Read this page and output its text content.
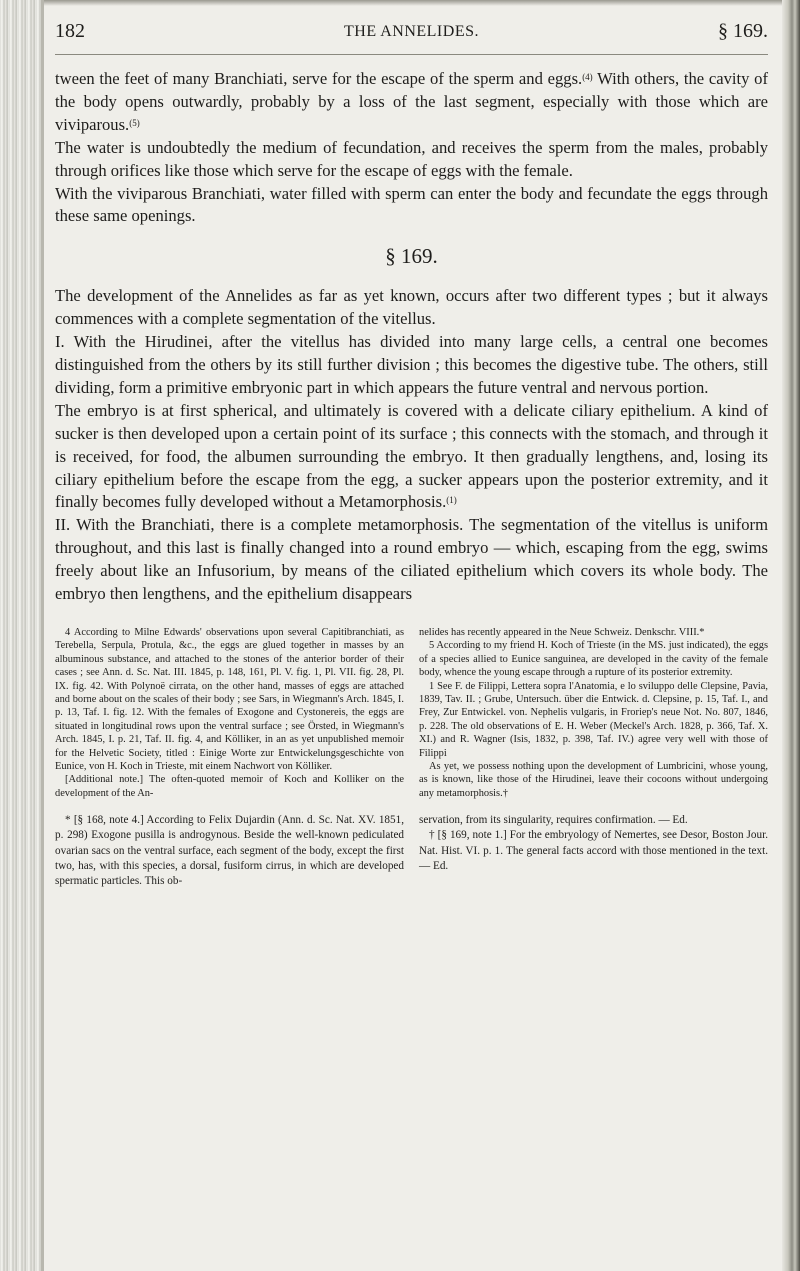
182	THE ANNELIDES.	§ 169.

tween the feet of many Branchiati, serve for the escape of the sperm and eggs.$^{(4)}$ With others, the cavity of the body opens outwardly, probably by a loss of the last segment, especially with those which are viviparous.$^{(5)}$

The water is undoubtedly the medium of fecundation, and receives the sperm from the males, probably through orifices like those which serve for the escape of eggs with the female.

With the viviparous Branchiati, water filled with sperm can enter the body and fecundate the eggs through these same openings.

§ 169.

The development of the Annelides as far as yet known, occurs after two different types ; but it always commences with a complete segmentation of the vitellus.

I. With the Hirudinei, after the vitellus has divided into many large cells, a central one becomes distinguished from the others by its still further division ; this becomes the digestive tube. The others, still dividing, form a primitive embryonic part in which appears the future ventral and nervous portion.

The embryo is at first spherical, and ultimately is covered with a delicate ciliary epithelium. A kind of sucker is then developed upon a certain point of its surface ; this connects with the stomach, and through it is received, for food, the albumen surrounding the embryo. It then gradually lengthens, and, losing its ciliary epithelium before the escape from the egg, a sucker appears upon the posterior extremity, and it finally becomes fully developed without a Metamorphosis.$^{(1)}$

II. With the Branchiati, there is a complete metamorphosis. The segmentation of the vitellus is uniform throughout, and this last is finally changed into a round embryo — which, escaping from the egg, swims freely about like an Infusorium, by means of the ciliated epithelium which covers its whole body. The embryo then lengthens, and the epithelium disappears

4 According to Milne Edwards' observations upon several Capitibranchiati, as Terebella, Serpula, Protula, &c., the eggs are glued together in masses by an albuminous substance, and attached to the stones of the anterior border of their cases ; see Ann. d. Sc. Nat. III. 1845, p. 148, 161, Pl. V. fig. 1, Pl. VII. fig. 28, Pl. IX. fig. 42. With Polynoë cirrata, on the other hand, masses of eggs are attached and borne about on the scales of their body ; see Sars, in Wiegmann's Arch. 1845, I. p. 13, Taf. I. fig. 12. With the females of Exogone and Cystonereis, the eggs are situated in longitudinal rows upon the ventral surface ; see Örsted, in Wiegmann's Arch. 1845, I. p. 21, Taf. II. fig. 4, and Kölliker, in an as yet unpublished memoir for the Helvetic Society, titled : Einige Worte zur Entwickelungsgeschichte von Eunice, von H. Koch in Trieste, mit einem Nachwort von Kölliker.

[Additional note.] The often-quoted memoir of Koch and Kolliker on the development of the An-

nelides has recently appeared in the Neue Schweiz. Denkschr. VIII.*

5 According to my friend H. Koch of Trieste (in the MS. just indicated), the eggs of a species allied to Eunice sanguinea, are developed in the cavity of the female body, whence the young escape through a rupture of its posterior extremity.

1 See F. de Filippi, Lettera sopra l'Anatomia, e lo sviluppo delle Clepsine, Pavia, 1839, Tav. II. ; Grube, Untersuch. über die Entwick. d. Clepsine, p. 15, Taf. I., and Frey, Zur Entwickel. von. Nephelis vulgaris, in Froriep's neue Not. No. 807, 1846, p. 228. The old observations of E. H. Weber (Meckel's Arch. 1828, p. 366, Taf. X. XI.) and R. Wagner (Isis, 1832, p. 398, Taf. IV.) agree very well with those of Filippi

As yet, we possess nothing upon the development of Lumbricini, whose young, as is known, like those of the Hirudinei, leave their cocoons without undergoing any metamorphosis.†

* [§ 168, note 4.] According to Felix Dujardin (Ann. d. Sc. Nat. XV. 1851, p. 298) Exogone pusilla is androgynous. Beside the well-known pediculated ovarian sacs on the ventral surface, each segment of the body, except the first two, has, with this species, a dorsal, fusiform cirrus, in which are developed spermatic particles. This ob-

servation, from its singularity, requires confirmation. — Ed.

† [§ 169, note 1.] For the embryology of Nemertes, see Desor, Boston Jour. Nat. Hist. VI. p. 1. The general facts accord with those mentioned in the text. — Ed.
